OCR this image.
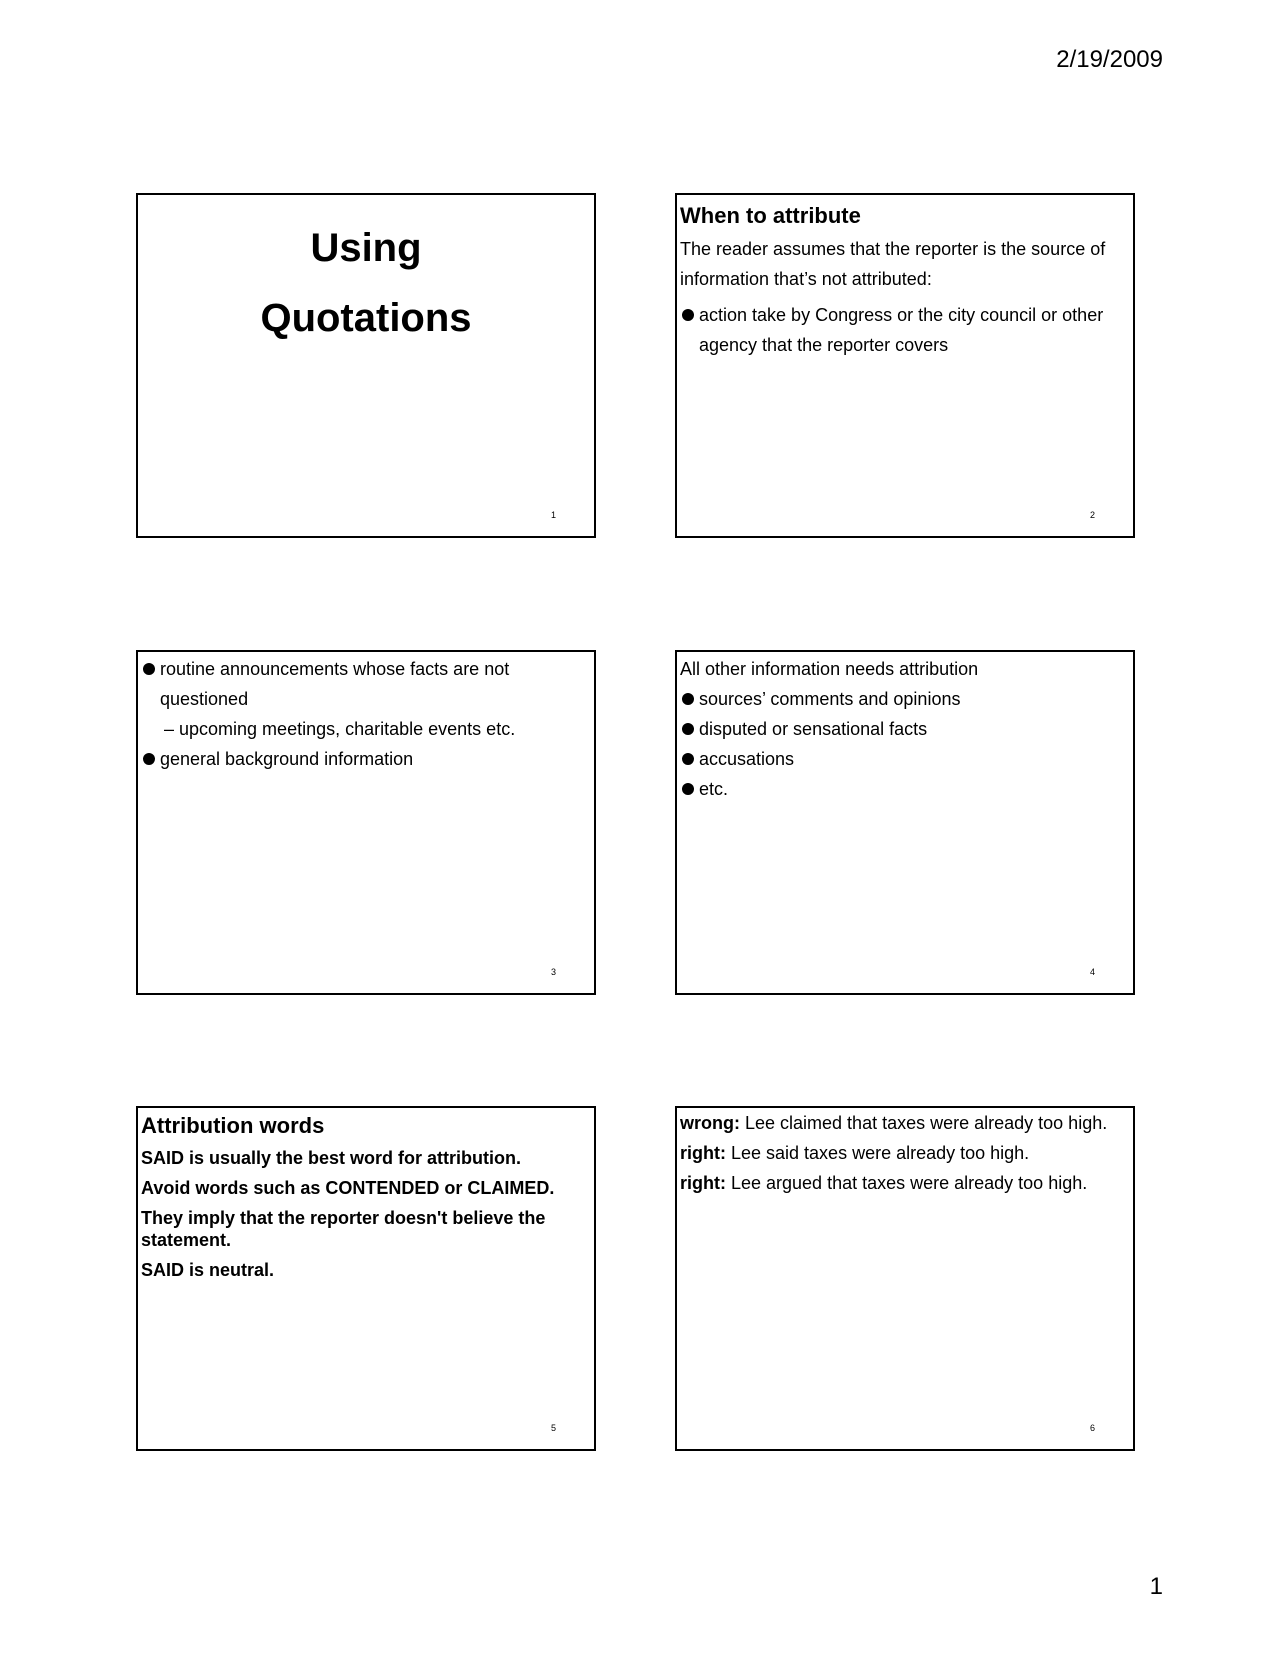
2/19/2009
Using
Quotations
1

When to attribute

The reader assumes that the reporter is the source of information that’s not attributed:

action take by Congress or the city council or other agency that the reporter covers
2
routine announcements whose facts are not questioned
– upcoming meetings, charitable events etc.
general background information
3

All other information needs attribution

sources’ comments and opinions
disputed or sensational facts
accusations
etc.
4

Attribution words

SAID is usually the best word for attribution.

Avoid words such as CONTENDED or CLAIMED.

They imply that the reporter doesn't believe the statement.

SAID is neutral.

5

wrong: Lee claimed that taxes were already too high.

right: Lee said taxes were already too high.

right: Lee argued that taxes were already too high.

6
1
